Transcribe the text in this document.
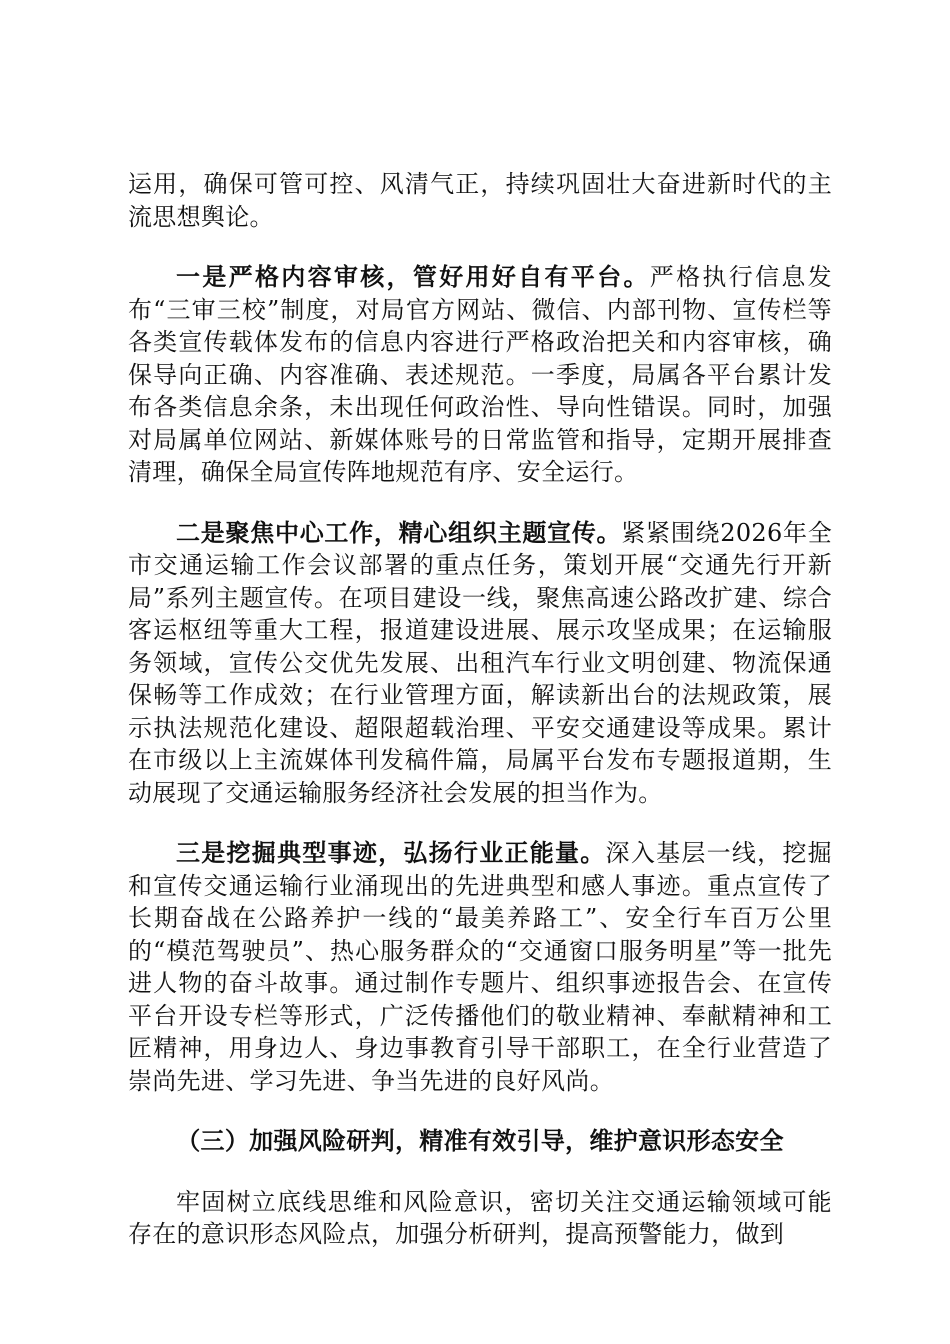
运用，确保可管可控、风清气正，持续巩固壮大奋进新时代的主流思想舆论。

一是严格内容审核，管好用好自有平台。严格执行信息发布“三审三校”制度，对局官方网站、微信、内部刊物、宣传栏等各类宣传载体发布的信息内容进行严格政治把关和内容审核，确保导向正确、内容准确、表述规范。一季度，局属各平台累计发布各类信息余条，未出现任何政治性、导向性错误。同时，加强对局属单位网站、新媒体账号的日常监管和指导，定期开展排查清理，确保全局宣传阵地规范有序、安全运行。

二是聚焦中心工作，精心组织主题宣传。紧紧围绕2026年全市交通运输工作会议部署的重点任务，策划开展“交通先行开新局”系列主题宣传。在项目建设一线，聚焦高速公路改扩建、综合客运枢纽等重大工程，报道建设进展、展示攻坚成果；在运输服务领域，宣传公交优先发展、出租汽车行业文明创建、物流保通保畅等工作成效；在行业管理方面，解读新出台的法规政策，展示执法规范化建设、超限超载治理、平安交通建设等成果。累计在市级以上主流媒体刊发稿件篇，局属平台发布专题报道期，生动展现了交通运输服务经济社会发展的担当作为。

三是挖掘典型事迹，弘扬行业正能量。深入基层一线，挖掘和宣传交通运输行业涌现出的先进典型和感人事迹。重点宣传了长期奋战在公路养护一线的“最美养路工”、安全行车百万公里的“模范驾驶员”、热心服务群众的“交通窗口服务明星”等一批先进人物的奋斗故事。通过制作专题片、组织事迹报告会、在宣传平台开设专栏等形式，广泛传播他们的敬业精神、奉献精神和工匠精神，用身边人、身边事教育引导干部职工，在全行业营造了崇尚先进、学习先进、争当先进的良好风尚。

（三）加强风险研判，精准有效引导，维护意识形态安全

牢固树立底线思维和风险意识，密切关注交通运输领域可能存在的意识形态风险点，加强分析研判，提高预警能力，做到
